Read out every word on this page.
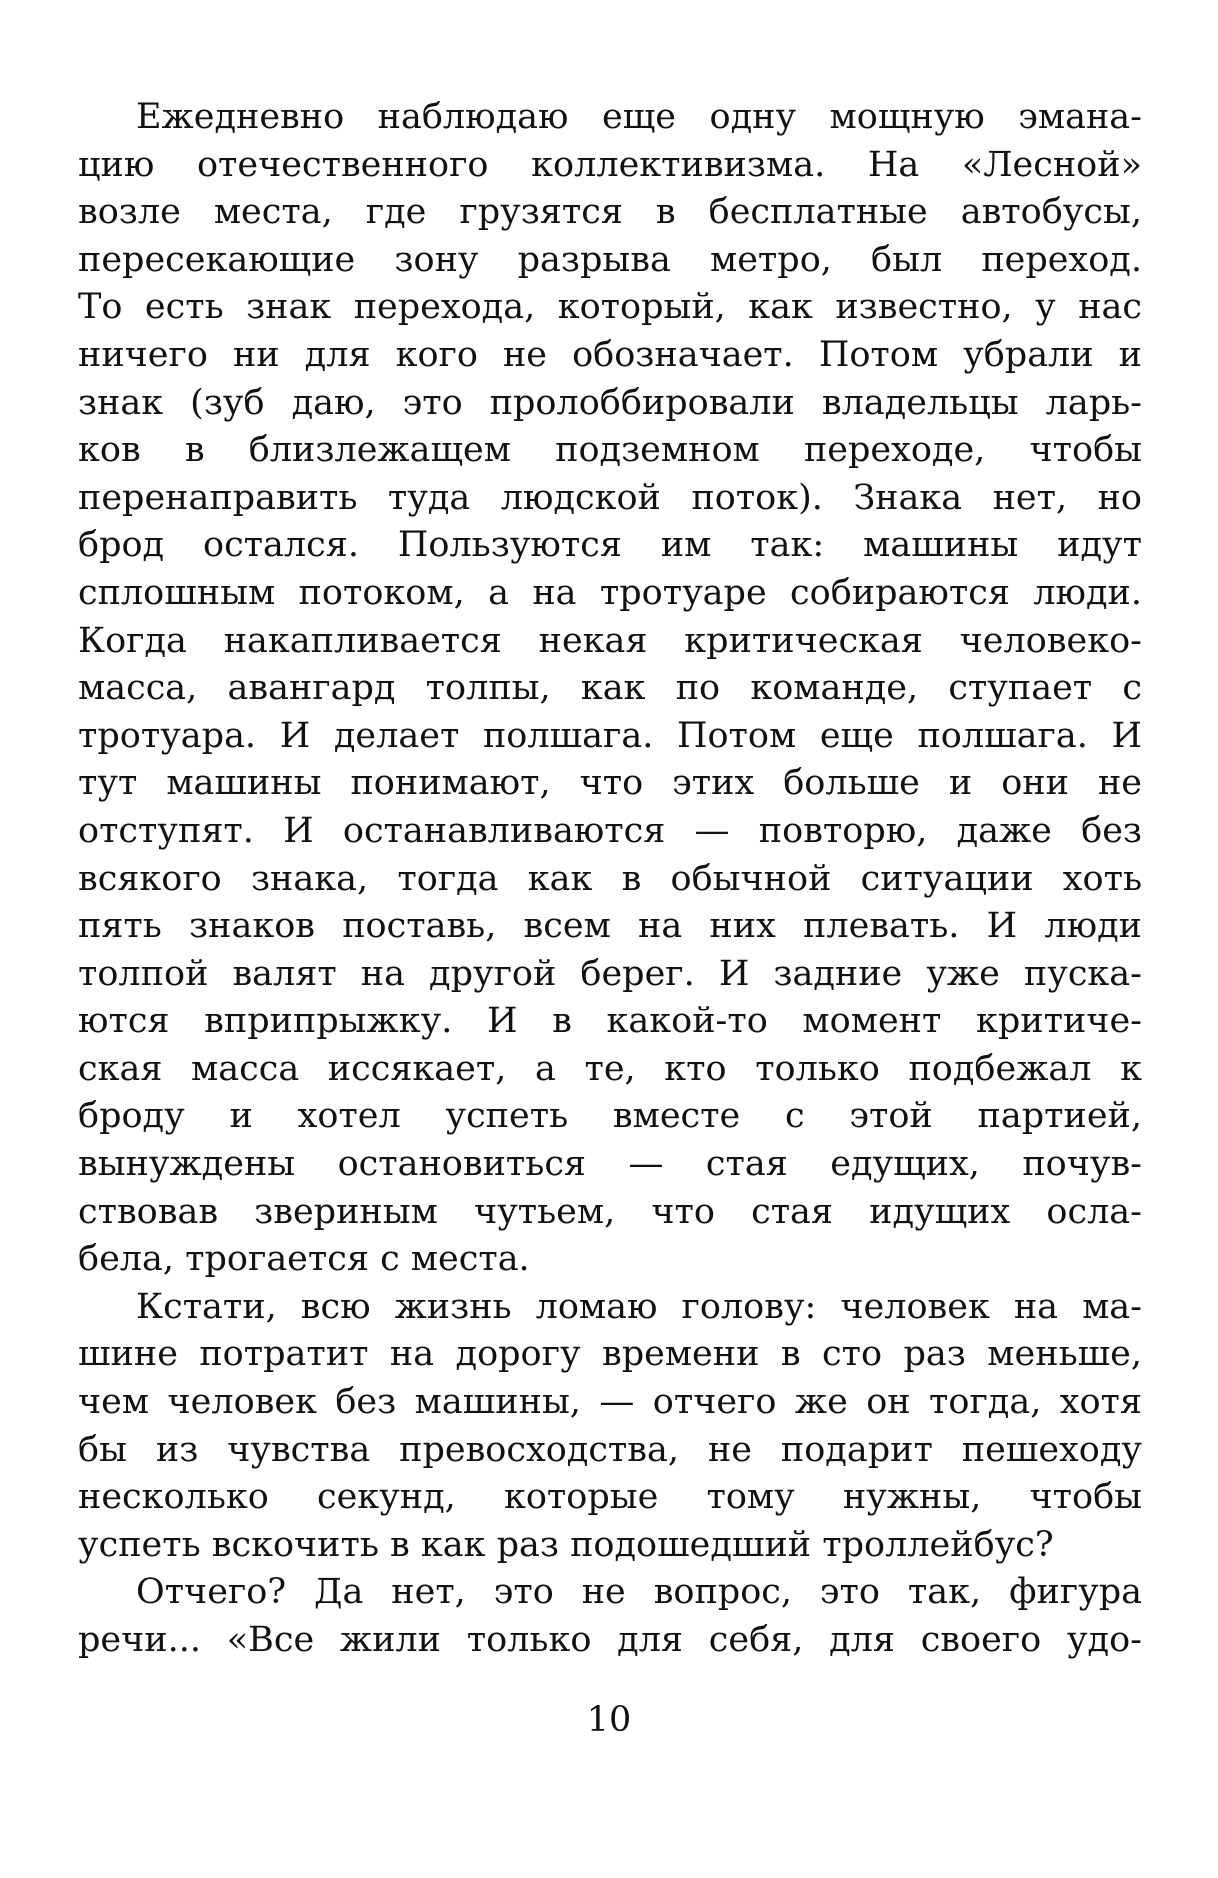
Ежедневно наблюдаю еще одну мощную эмана-
цию отечественного коллективизма. На «Лесной»
возле места, где грузятся в бесплатные автобусы,
пересекающие зону разрыва метро, был переход.
То есть знак перехода, который, как известно, у нас
ничего ни для кого не обозначает. Потом убрали и
знак (зуб даю, это пролоббировали владельцы ларь-
ков в близлежащем подземном переходе, чтобы
перенаправить туда людской поток). Знака нет, но
брод остался. Пользуются им так: машины идут
сплошным потоком, а на тротуаре собираются люди.
Когда накапливается некая критическая человеко-
масса, авангард толпы, как по команде, ступает с
тротуара. И делает полшага. Потом еще полшага. И
тут машины понимают, что этих больше и они не
отступят. И останавливаются — повторю, даже без
всякого знака, тогда как в обычной ситуации хоть
пять знаков поставь, всем на них плевать. И люди
толпой валят на другой берег. И задние уже пуска-
ются вприпрыжку. И в какой-то момент критиче-
ская масса иссякает, а те, кто только подбежал к
броду и хотел успеть вместе с этой партией,
вынуждены остановиться — стая едущих, почув-
ствовав звериным чутьем, что стая идущих осла-
бела, трогается с места.
Кстати, всю жизнь ломаю голову: человек на ма-
шине потратит на дорогу времени в сто раз меньше,
чем человек без машины, — отчего же он тогда, хотя
бы из чувства превосходства, не подарит пешеходу
несколько секунд, которые тому нужны, чтобы
успеть вскочить в как раз подошедший троллейбус?
Отчего? Да нет, это не вопрос, это так, фигура
речи... «Все жили только для себя, для своего удо-
10
